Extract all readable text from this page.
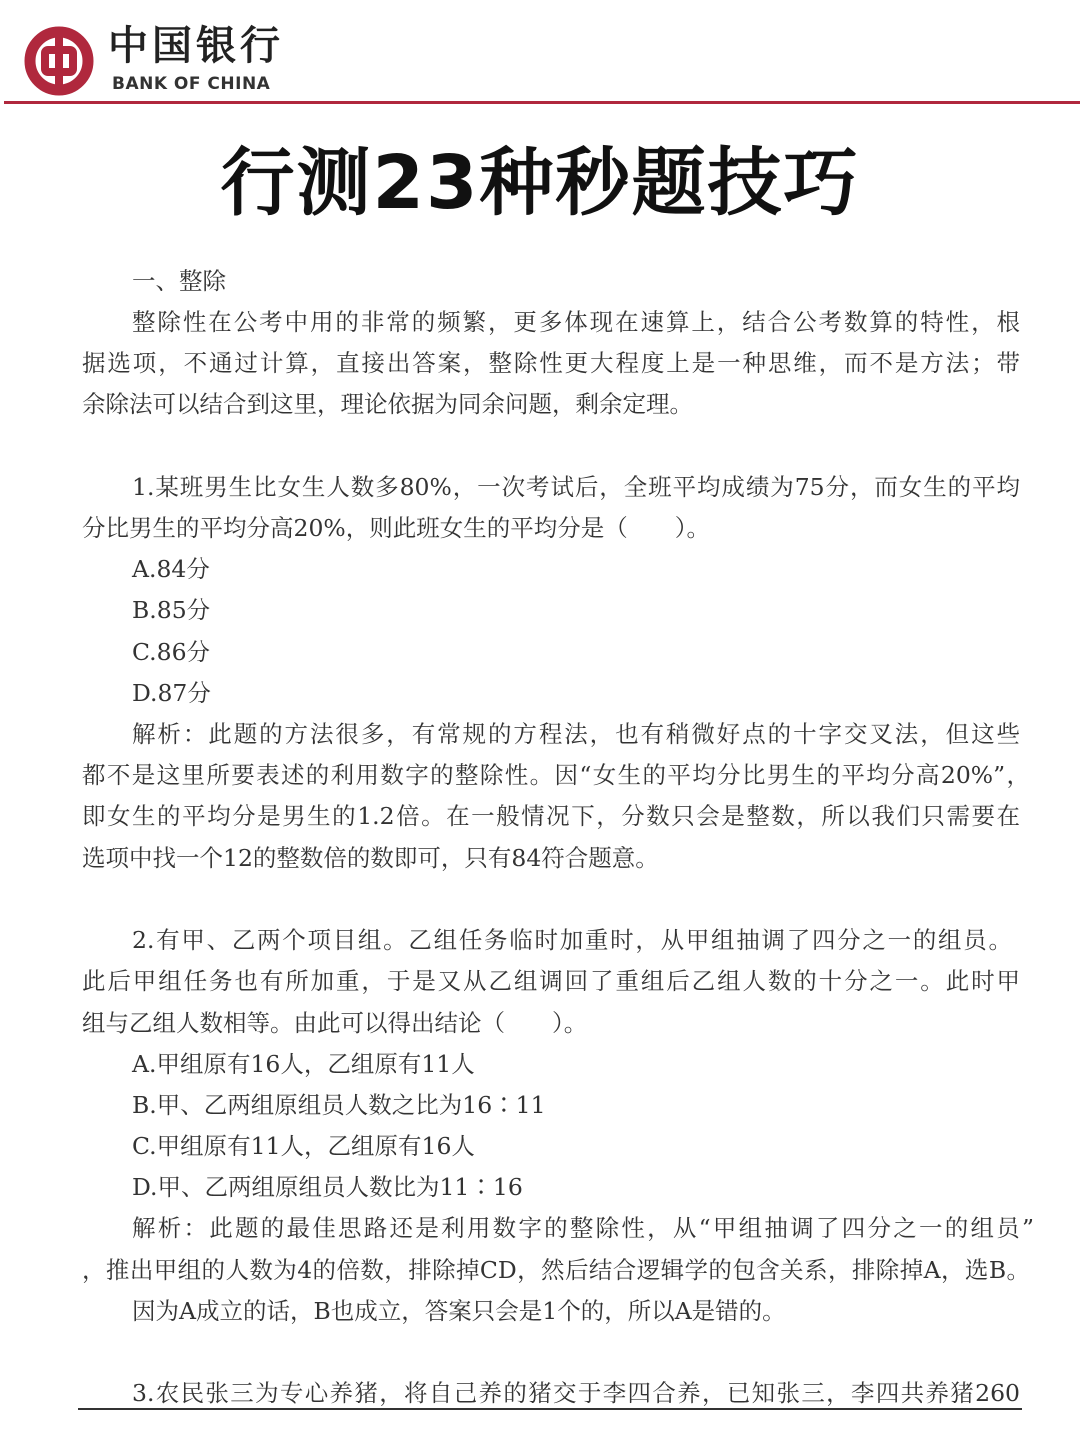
中国银行
BANK OF CHINA
行测23种秒题技巧
一、整除
整除性在公考中用的非常的频繁，更多体现在速算上，结合公考数算的特性，根
据选项，不通过计算，直接出答案，整除性更大程度上是一种思维，而不是方法；带
余除法可以结合到这里，理论依据为同余问题，剩余定理。
1.某班男生比女生人数多80%，一次考试后，全班平均成绩为75分，而女生的平均
分比男生的平均分高20%，则此班女生的平均分是（　　）。
A.84分
B.85分
C.86分
D.87分
解析：此题的方法很多，有常规的方程法，也有稍微好点的十字交叉法，但这些
都不是这里所要表述的利用数字的整除性。因“女生的平均分比男生的平均分高20%”，
即女生的平均分是男生的1.2倍。在一般情况下，分数只会是整数，所以我们只需要在
选项中找一个12的整数倍的数即可，只有84符合题意。
2.有甲、乙两个项目组。乙组任务临时加重时，从甲组抽调了四分之一的组员。
此后甲组任务也有所加重，于是又从乙组调回了重组后乙组人数的十分之一。此时甲
组与乙组人数相等。由此可以得出结论（　　）。
A.甲组原有16人，乙组原有11人
B.甲、乙两组原组员人数之比为16∶11
C.甲组原有11人，乙组原有16人
D.甲、乙两组原组员人数比为11∶16
解析：此题的最佳思路还是利用数字的整除性，从“甲组抽调了四分之一的组员”
，推出甲组的人数为4的倍数，排除掉CD，然后结合逻辑学的包含关系，排除掉A，选B。
因为A成立的话，B也成立，答案只会是1个的，所以A是错的。
3.农民张三为专心养猪，将自己养的猪交于李四合养，已知张三，李四共养猪260
